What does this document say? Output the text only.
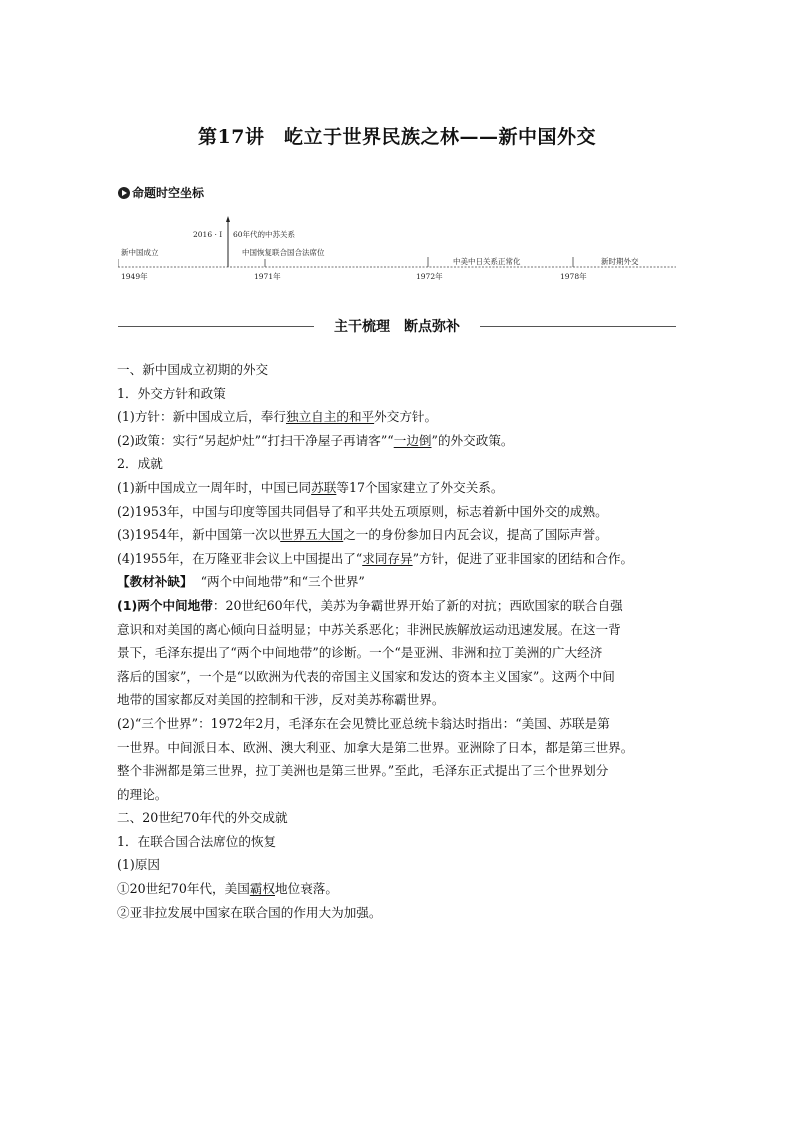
第17讲　屹立于世界民族之林——新中国外交
命题时空坐标
2016 · Ⅰ 60年代的中苏关系
新中国成立	中国恢复联合国合法席位
中美中日关系正常化	新时期外交
1949年	1971年	1972年	1978年
主干梳理　断点弥补
一、新中国成立初期的外交
1．外交方针和政策
(1)方针：新中国成立后，奉行独立自主的和平外交方针。
(2)政策：实行“另起炉灶”“打扫干净屋子再请客”“一边倒”的外交政策。
2．成就
(1)新中国成立一周年时，中国已同苏联等17个国家建立了外交关系。
(2)1953年，中国与印度等国共同倡导了和平共处五项原则，标志着新中国外交的成熟。
(3)1954年，新中国第一次以世界五大国之一的身份参加日内瓦会议，提高了国际声誉。
(4)1955年，在万隆亚非会议上中国提出了“求同存异”方针，促进了亚非国家的团结和合作。
【教材补缺】 “两个中间地带”和“三个世界”
(1)两个中间地带：20世纪60年代，美苏为争霸世界开始了新的对抗；西欧国家的联合自强
意识和对美国的离心倾向日益明显；中苏关系恶化；非洲民族解放运动迅速发展。在这一背
景下，毛泽东提出了“两个中间地带”的诊断。一个“是亚洲、非洲和拉丁美洲的广大经济
落后的国家”，一个是“以欧洲为代表的帝国主义国家和发达的资本主义国家”。这两个中间
地带的国家都反对美国的控制和干涉，反对美苏称霸世界。
(2)“三个世界”：1972年2月，毛泽东在会见赞比亚总统卡翁达时指出：“美国、苏联是第
一世界。中间派日本、欧洲、澳大利亚、加拿大是第二世界。亚洲除了日本，都是第三世界。
整个非洲都是第三世界，拉丁美洲也是第三世界。”至此，毛泽东正式提出了三个世界划分
的理论。
二、20世纪70年代的外交成就
1．在联合国合法席位的恢复
(1)原因
①20世纪70年代，美国霸权地位衰落。
②亚非拉发展中国家在联合国的作用大为加强。
